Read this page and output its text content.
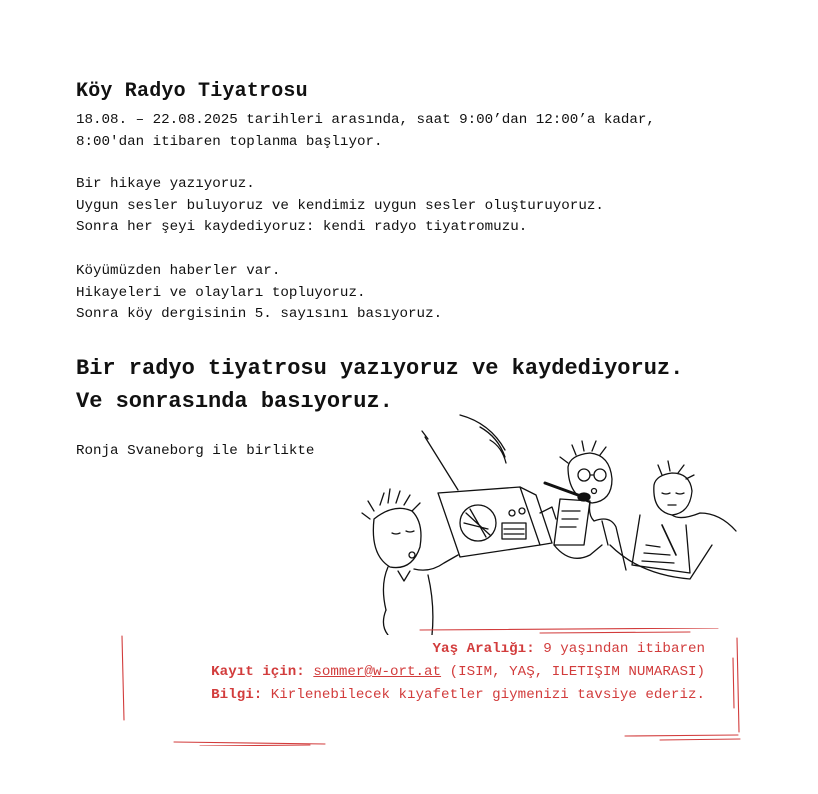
Köy Radyo Tiyatrosu
18.08. – 22.08.2025 tarihleri arasında, saat 9:00’dan 12:00’a kadar,
8:00'dan itibaren toplanma başlıyor.
Bir hikaye yazıyoruz.
Uygun sesler buluyoruz ve kendimiz uygun sesler oluşturuyoruz.
Sonra her şeyi kaydediyoruz: kendi radyo tiyatromuzu.
Köyümüzden haberler var.
Hikayeleri ve olayları topluyoruz.
Sonra köy dergisinin 5. sayısını basıyoruz.
Bir radyo tiyatrosu yazıyoruz ve kaydediyoruz.
Ve sonrasında basıyoruz.
Ronja Svaneborg ile birlikte
Yaş Aralığı: 9 yaşından itibaren
Kayıt için: sommer@w-ort.at (ISIM, YAŞ, ILETIŞIM NUMARASI)
Bilgi: Kirlenebilecek kıyafetler giymenizi tavsiye ederiz.
